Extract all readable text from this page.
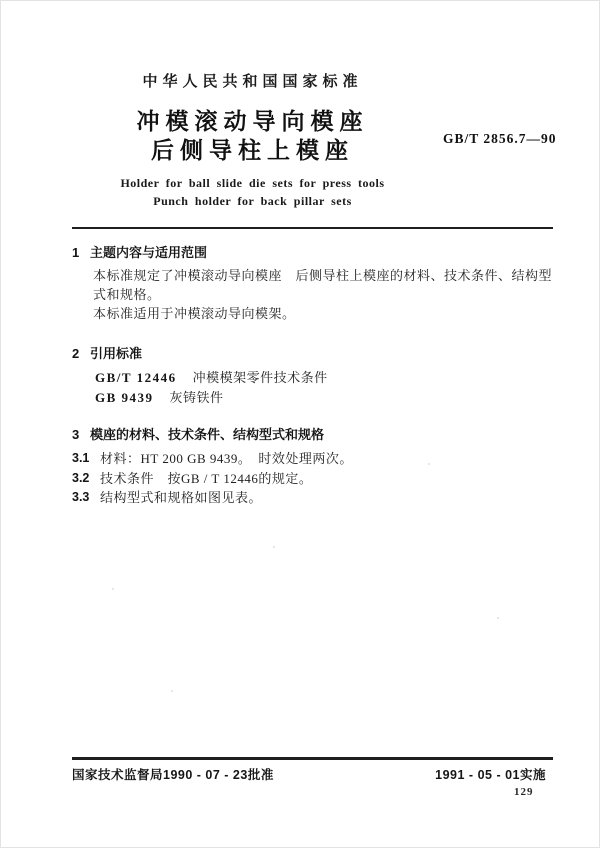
中华人民共和国国家标准
冲模滚动导向模座
后侧导柱上模座
Holder for ball slide die sets for press tools
Punch holder for back pillar sets
GB/T 2856.7—90
1 主题内容与适用范围
本标准规定了冲模滚动导向模座　后侧导柱上模座的材料、技术条件、结构型式和规格。
本标准适用于冲模滚动导向模架。
2 引用标准
GB/T 12446 冲模模架零件技术条件
GB 9439 灰铸铁件
3 模座的材料、技术条件、结构型式和规格
3.1 材料：HT 200 GB 9439。　时效处理两次。
3.2 技术条件　按GB / T 12446的规定。
3.3 结构型式和规格如图见表。
国家技术监督局1990 - 07 - 23批准	1991 - 05 - 01实施
129
